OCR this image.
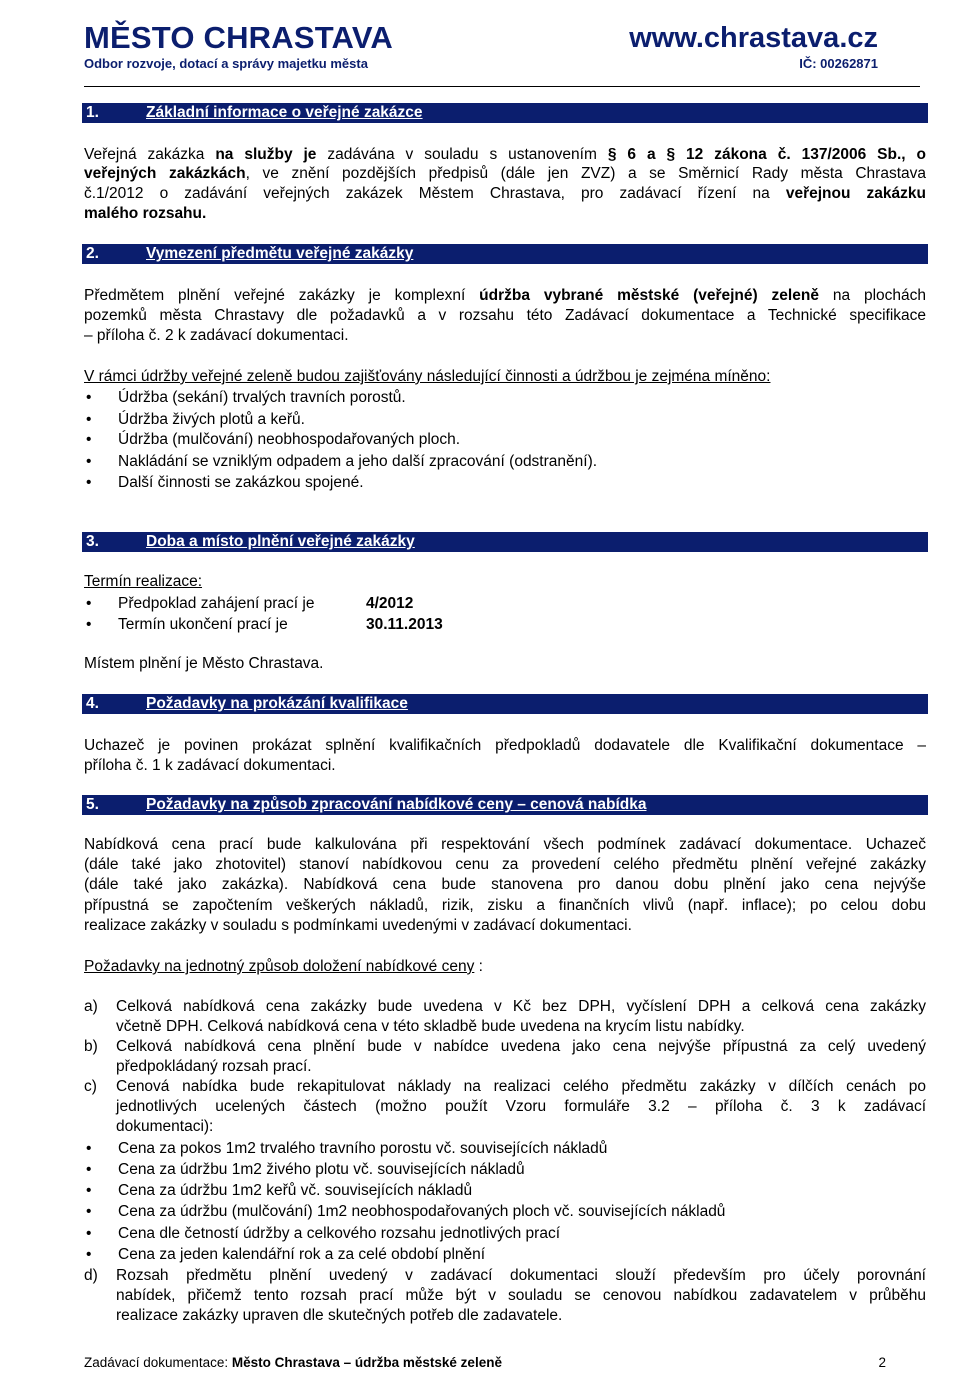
MĚSTO CHRASTAVA	www.chrastava.cz
Odbor rozvoje, dotací a správy majetku města	IČ: 00262871
1.	Základní informace o veřejné zakázce
Veřejná zakázka na služby je zadávána v souladu s ustanovením § 6 a § 12 zákona č. 137/2006 Sb., o
veřejných zakázkách, ve znění pozdějších předpisů (dále jen ZVZ) a se Směrnicí Rady města Chrastava
č.1/2012 o zadávání veřejných zakázek Městem Chrastava, pro zadávací řízení na veřejnou zakázku
malého rozsahu.
2.	Vymezení předmětu veřejné zakázky
Předmětem plnění veřejné zakázky je komplexní údržba vybrané městské (veřejné) zeleně na plochách
pozemků města Chrastavy dle požadavků a v rozsahu této Zadávací dokumentace a Technické specifikace
– příloha č. 2 k zadávací dokumentaci.
V rámci údržby veřejné zeleně budou zajišťovány následující činnosti a údržbou je zejména míněno:
• Údržba (sekání) trvalých travních porostů.
• Údržba živých plotů a keřů.
• Údržba (mulčování) neobhospodařovaných ploch.
• Nakládání se vzniklým odpadem a jeho další zpracování (odstranění).
• Další činnosti se zakázkou spojené.
3.	Doba a místo plnění veřejné zakázky
Termín realizace:
• Předpoklad zahájení prací je	4/2012
• Termín ukončení prací je	30.11.2013
Místem plnění je Město Chrastava.
4.	Požadavky na prokázání kvalifikace
Uchazeč je povinen prokázat splnění kvalifikačních předpokladů dodavatele dle Kvalifikační dokumentace –
příloha č. 1 k zadávací dokumentaci.
5.	Požadavky na způsob zpracování nabídkové ceny – cenová nabídka
Nabídková cena prací bude kalkulována při respektování všech podmínek zadávací dokumentace. Uchazeč
(dále také jako zhotovitel) stanoví nabídkovou cenu za provedení celého předmětu plnění veřejné zakázky
(dále také jako zakázka). Nabídková cena bude stanovena pro danou dobu plnění jako cena nejvýše
přípustná se započtením veškerých nákladů, rizik, zisku a finančních vlivů (např. inflace); po celou dobu
realizace zakázky v souladu s podmínkami uvedenými v zadávací dokumentaci.
Požadavky na jednotný způsob doložení nabídkové ceny :
a) Celková nabídková cena zakázky bude uvedena v Kč bez DPH, vyčíslení DPH a celková cena zakázky
včetně DPH. Celková nabídková cena v této skladbě bude uvedena na krycím listu nabídky.
b) Celková nabídková cena plnění bude v nabídce uvedena jako cena nejvýše přípustná za celý uvedený
předpokládaný rozsah prací.
c) Cenová nabídka bude rekapitulovat náklady na realizaci celého předmětu zakázky v dílčích cenách po
jednotlivých ucelených částech (možno použít Vzoru formuláře 3.2 – příloha č. 3 k zadávací
dokumentaci):
• Cena za pokos 1m2 trvalého travního porostu vč. souvisejících nákladů
• Cena za údržbu 1m2 živého plotu vč. souvisejících nákladů
• Cena za údržbu 1m2 keřů vč. souvisejících nákladů
• Cena za údržbu (mulčování) 1m2 neobhospodařovaných ploch vč. souvisejících nákladů
• Cena dle četností údržby a celkového rozsahu jednotlivých prací
• Cena za jeden kalendářní rok a za celé období plnění
d) Rozsah předmětu plnění uvedený v zadávací dokumentaci slouží především pro účely porovnání
nabídek, přičemž tento rozsah prací může být v souladu se cenovou nabídkou zadavatelem v průběhu
realizace zakázky upraven dle skutečných potřeb dle zadavatele.
Zadávací dokumentace: Město Chrastava – údržba městské zeleně	2
